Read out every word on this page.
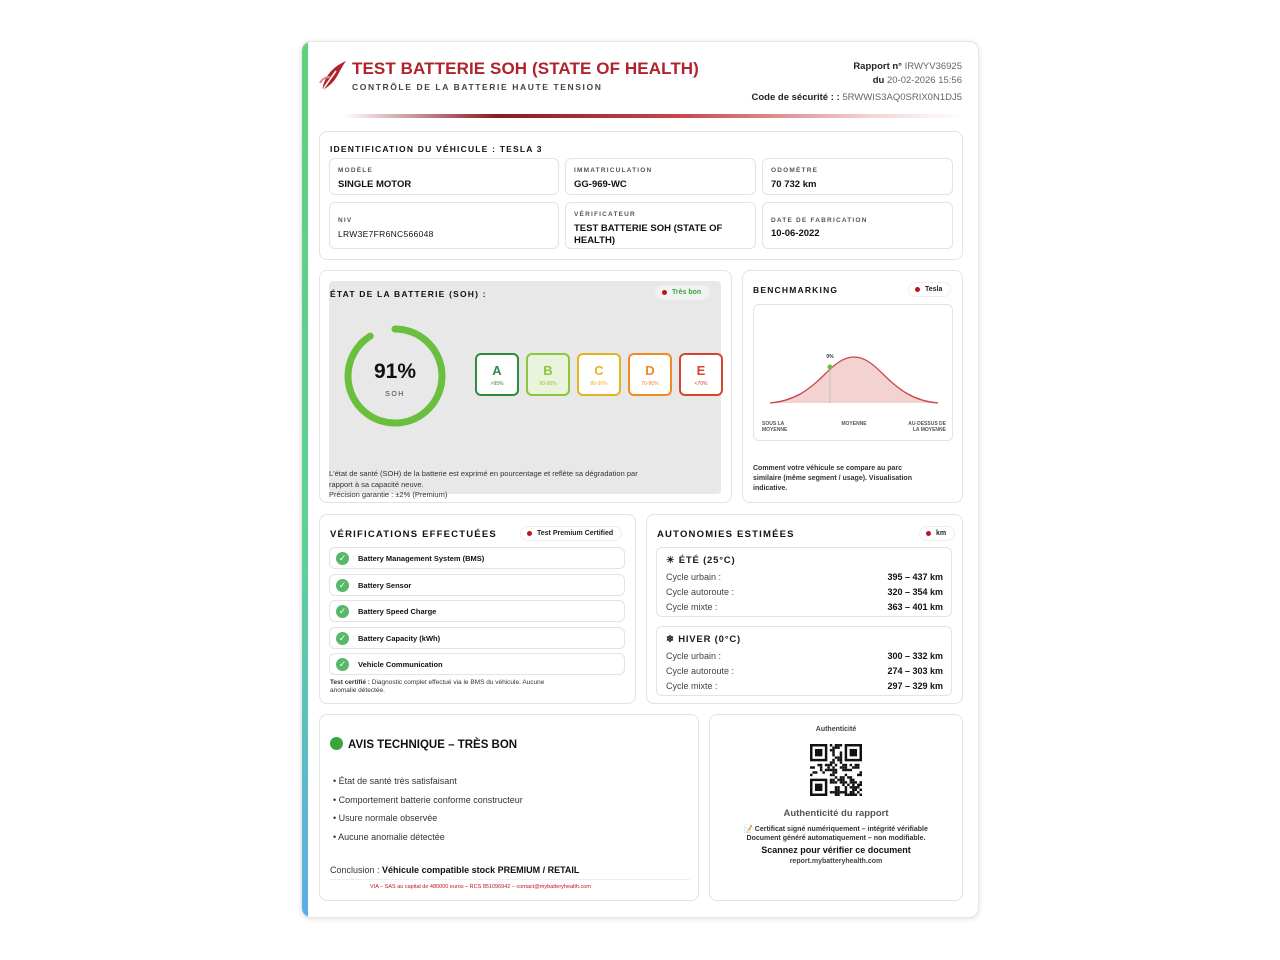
TEST BATTERIE SOH (STATE OF HEALTH)
CONTRÔLE DE LA BATTERIE HAUTE TENSION
Rapport n° IRWYV36925
du 20-02-2026 15:56
Code de sécurité : : 5RWWIS3AQ0SRIX0N1DJ5
IDENTIFICATION DU VÉHICULE : TESLA 3
MODÈLE
SINGLE MOTOR
IMMATRICULATION
GG-969-WC
ODOMÈTRE
70 732 km
NIV
LRW3E7FR6NC566048
VÉRIFICATEUR
TEST BATTERIE SOH (STATE OF HEALTH)
DATE DE FABRICATION
10-06-2022
ÉTAT DE LA BATTERIE (SOH) :	Très bon
91%
SOH
A
>95%
B
90-95%
C
80-90%
D
70-80%
E
<70%
L'état de santé (SOH) de la batterie est exprimé en pourcentage et reflète sa dégradation par
rapport à sa capacité neuve.
Précision garantie : ±2% (Premium)
BENCHMARKING	Tesla
0%
SOUS LA
MOYENNE
MOYENNE	AU-DESSUS DE
LA MOYENNE
Comment votre véhicule se compare au parc
similaire (même segment / usage). Visualisation
indicative.
VÉRIFICATIONS EFFECTUÉES	Test Premium Certified
✓	Battery Management System (BMS)
✓	Battery Sensor
✓	Battery Speed Charge
✓	Battery Capacity (kWh)
✓	Vehicle Communication
Test certifié : Diagnostic complet effectué via le BMS du véhicule. Aucune
anomalie détectée.
AUTONOMIES ESTIMÉES	km
☀ ÉTÉ (25°C)
Cycle urbain :	395 – 437 km
Cycle autoroute :	320 – 354 km
Cycle mixte :	363 – 401 km
❄ HIVER (0°C)
Cycle urbain :	300 – 332 km
Cycle autoroute :	274 – 303 km
Cycle mixte :	297 – 329 km
AVIS TECHNIQUE – TRÈS BON
• État de santé très satisfaisant
• Comportement batterie conforme constructeur
• Usure normale observée
• Aucune anomalie détectée
Conclusion : Véhicule compatible stock PREMIUM / RETAIL
VIA – SAS au capital de 480000 euros – RCS 851096942 – contact@mybatteryhealth.com
Authenticité
Authenticité du rapport
📝 Certificat signé numériquement – intégrité vérifiable
Document généré automatiquement – non modifiable.
Scannez pour vérifier ce document
report.mybatteryhealth.com
